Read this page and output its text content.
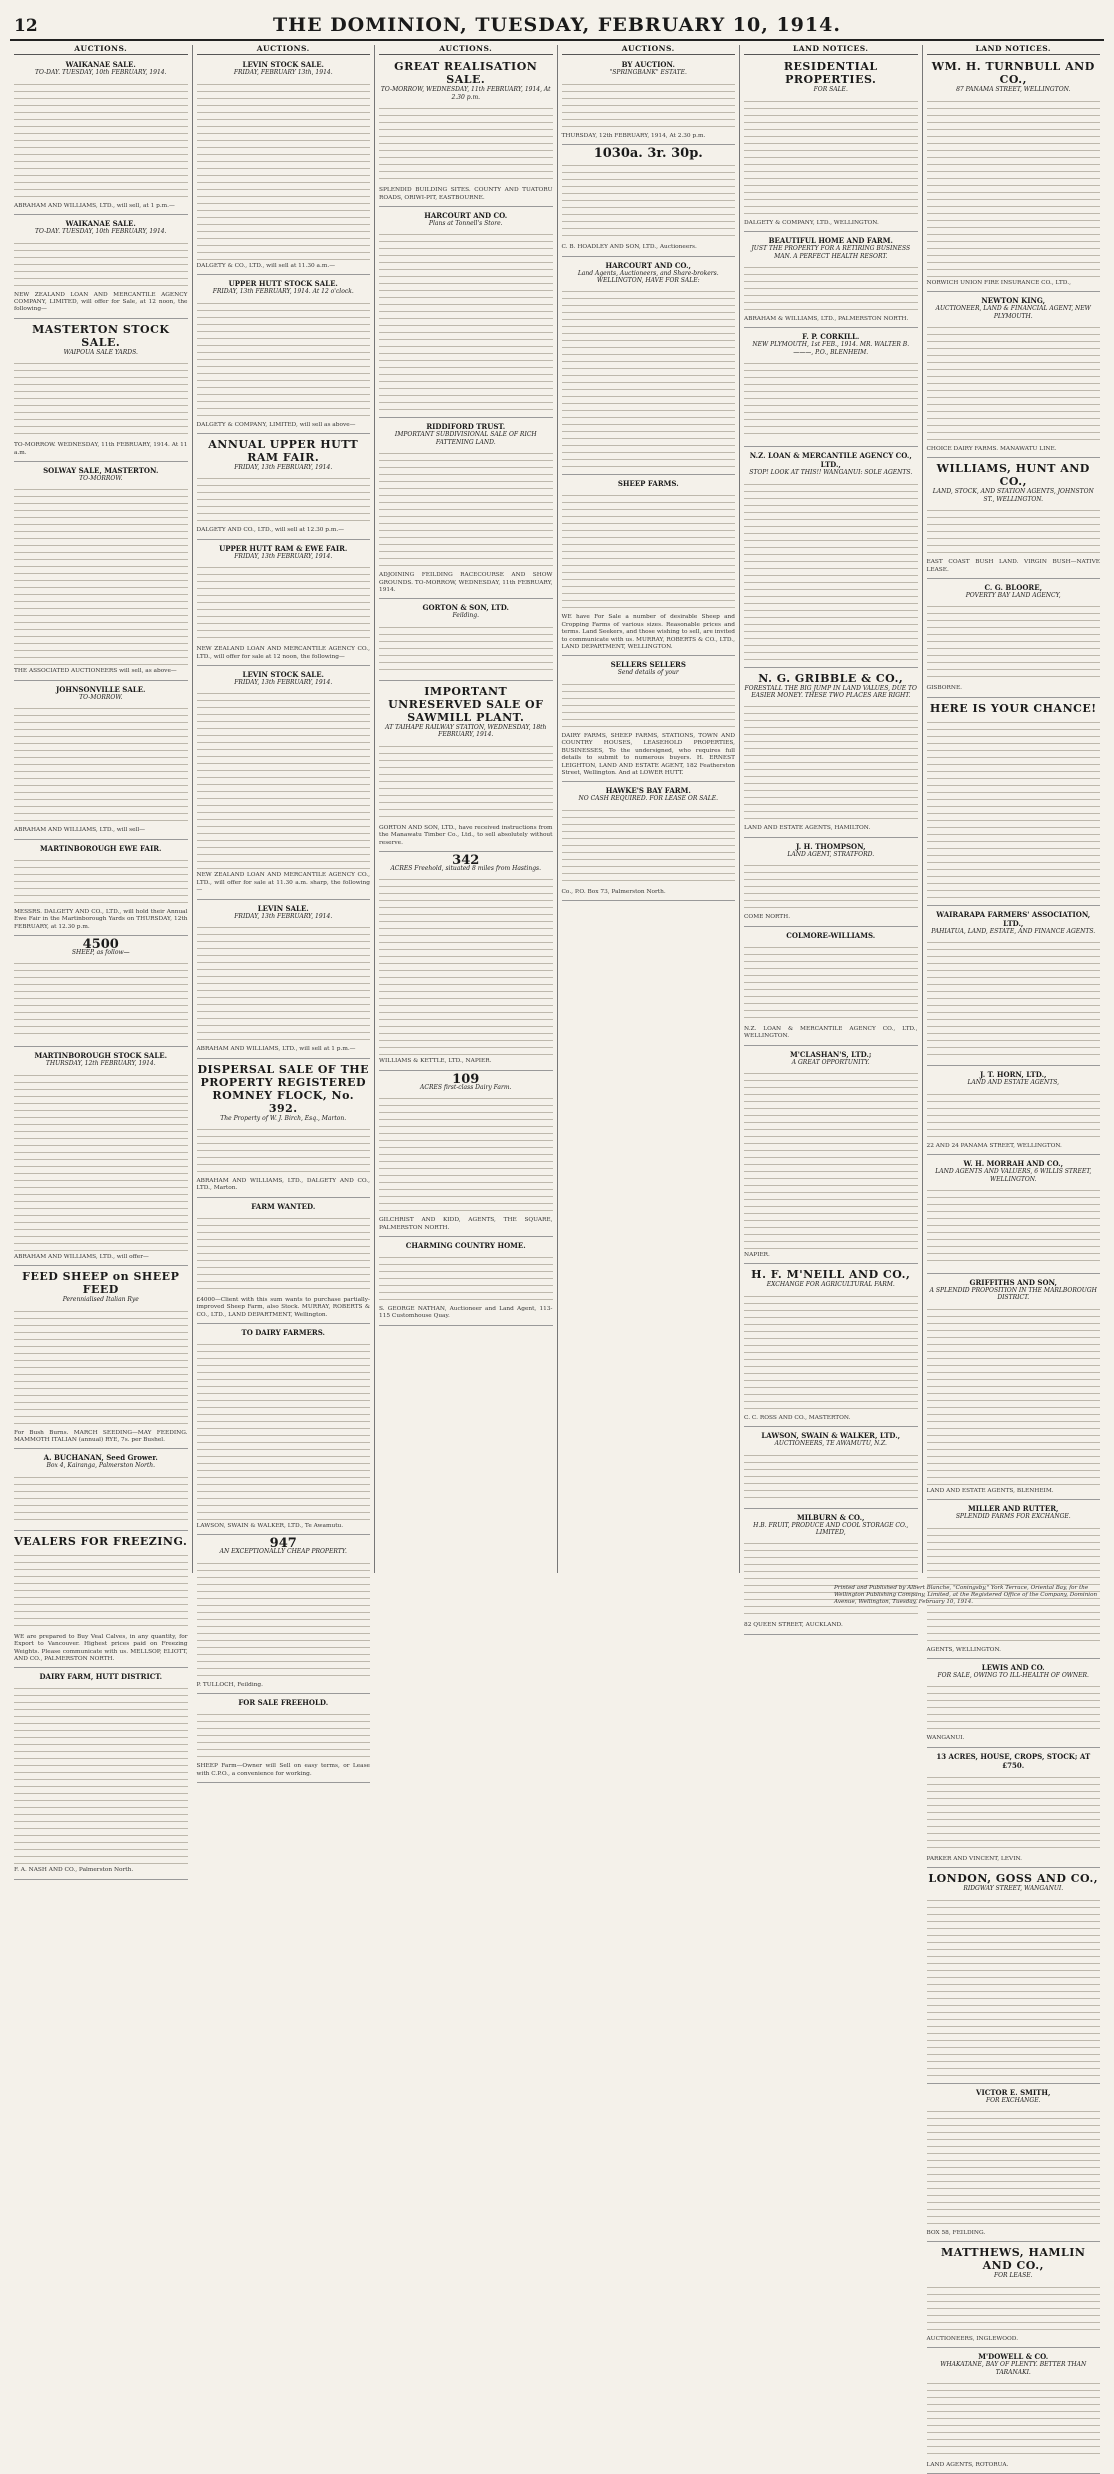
12	THE DOMINION, TUESDAY, FEBRUARY 10, 1914.
AUCTIONS.
WAIKANAE SALE.
TO-DAY. TUESDAY, 10th FEBRUARY, 1914.
ABRAHAM AND WILLIAMS, LTD., will sell, at 1 p.m.—
WAIKANAE SALE.
TO-DAY. TUESDAY, 10th FEBRUARY, 1914.
NEW ZEALAND LOAN AND MERCANTILE AGENCY COMPANY, LIMITED, will offer for Sale, at 12 noon, the following—
MASTERTON STOCK SALE.
WAIPOUA SALE YARDS.
TO-MORROW. WEDNESDAY, 11th FEBRUARY, 1914. At 11 a.m.
SOLWAY SALE, MASTERTON.
TO-MORROW.
THE ASSOCIATED AUCTIONEERS will sell, as above—
JOHNSONVILLE SALE.
TO-MORROW.
ABRAHAM AND WILLIAMS, LTD., will sell—
MARTINBOROUGH EWE FAIR.
MESSRS. DALGETY AND CO., LTD., will hold their Annual Ewe Fair in the Martinborough Yards on THURSDAY, 12th FEBRUARY, at 12.30 p.m.
4500
SHEEP, as follow—
MARTINBOROUGH STOCK SALE.
THURSDAY, 12th FEBRUARY, 1914.
ABRAHAM AND WILLIAMS, LTD., will offer—
FEED SHEEP on SHEEP FEED
Perennialised Italian Rye
For Bush Burns. MARCH SEEDING—MAY FEEDING. MAMMOTH ITALIAN (annual) RYE, 7s. per Bushel.
A. BUCHANAN, Seed Grower.
Box 4, Kairanga, Palmerston North.
VEALERS FOR FREEZING.
WE are prepared to Buy Veal Calves, in any quantity, for Export to Vancouver. Highest prices paid on Freezing Weights. Please communicate with us. MELLSOP, ELIOTT, AND CO., PALMERSTON NORTH.
DAIRY FARM, HUTT DISTRICT.
F. A. NASH AND CO., Palmerston North.
AUCTIONS.
LEVIN STOCK SALE.
FRIDAY, FEBRUARY 13th, 1914.
DALGETY & CO., LTD., will sell at 11.30 a.m.—
UPPER HUTT STOCK SALE.
FRIDAY, 13th FEBRUARY, 1914. At 12 o'clock.
DALGETY & COMPANY, LIMITED, will sell as above—
ANNUAL UPPER HUTT RAM FAIR.
FRIDAY, 13th FEBRUARY, 1914.
DALGETY AND CO., LTD., will sell at 12.30 p.m.—
UPPER HUTT RAM & EWE FAIR.
FRIDAY, 13th FEBRUARY, 1914.
NEW ZEALAND LOAN AND MERCANTILE AGENCY CO., LTD., will offer for sale at 12 noon, the following—
LEVIN STOCK SALE.
FRIDAY, 13th FEBRUARY, 1914.
NEW ZEALAND LOAN AND MERCANTILE AGENCY CO., LTD., will offer for sale at 11.30 a.m. sharp, the following—
LEVIN SALE.
FRIDAY, 13th FEBRUARY, 1914.
ABRAHAM AND WILLIAMS, LTD., will sell at 1 p.m.—
DISPERSAL SALE OF THE PROPERTY REGISTERED ROMNEY FLOCK, No. 392.
The Property of W. J. Birch, Esq., Marton.
ABRAHAM AND WILLIAMS, LTD., DALGETY AND CO., LTD., Marton.
FARM WANTED.
£4000—Client with this sum wants to purchase partially-improved Sheep Farm, also Stock. MURRAY, ROBERTS & CO., LTD., LAND DEPARTMENT, Wellington.
TO DAIRY FARMERS.
LAWSON, SWAIN & WALKER, LTD., Te Awamutu.
947
AN EXCEPTIONALLY CHEAP PROPERTY.
P. TULLOCH, Feilding.
FOR SALE FREEHOLD.
SHEEP Farm—Owner will Sell on easy terms, or Lease with C.P.O., a convenience for working.
AUCTIONS.
GREAT REALISATION SALE.
TO-MORROW, WEDNESDAY, 11th FEBRUARY, 1914, At 2.30 p.m.
SPLENDID BUILDING SITES. COUNTY AND TUATORU ROADS, ORIWI-PIT, EASTBOURNE.
HARCOURT AND CO.
Plans at Tonnell's Store.
RIDDIFORD TRUST.
IMPORTANT SUBDIVISIONAL SALE OF RICH FATTENING LAND.
ADJOINING FEILDING RACECOURSE AND SHOW GROUNDS. TO-MORROW, WEDNESDAY, 11th FEBRUARY, 1914.
GORTON & SON, LTD.
Feilding.
IMPORTANT UNRESERVED SALE OF SAWMILL PLANT.
AT TAIHAPE RAILWAY STATION, WEDNESDAY, 18th FEBRUARY, 1914.
GORTON AND SON, LTD., have received instructions from the Manawatu Timber Co., Ltd., to sell absolutely without reserve.
342
ACRES Freehold, situated 8 miles from Hastings.
WILLIAMS & KETTLE, LTD., NAPIER.
109
ACRES first-class Dairy Farm.
GILCHRIST AND KIDD, AGENTS, THE SQUARE, PALMERSTON NORTH.
CHARMING COUNTRY HOME.
S. GEORGE NATHAN, Auctioneer and Land Agent, 113-115 Customhouse Quay.
AUCTIONS.
BY AUCTION.
"SPRINGBANK" ESTATE.
THURSDAY, 12th FEBRUARY, 1914, At 2.30 p.m.
1030a. 3r. 30p.
C. B. HOADLEY AND SON, LTD., Auctioneers.
HARCOURT AND CO.,
Land Agents, Auctioneers, and Share-brokers. WELLINGTON, HAVE FOR SALE:
SHEEP FARMS.
WE have For Sale a number of desirable Sheep and Cropping Farms of various sizes. Reasonable prices and terms. Land Seekers, and those wishing to sell, are invited to communicate with us. MURRAY, ROBERTS & CO., LTD., LAND DEPARTMENT, WELLINGTON.
SELLERS SELLERS
Send details of your
DAIRY FARMS, SHEEP FARMS, STATIONS, TOWN AND COUNTRY HOUSES, LEASEHOLD PROPERTIES, BUSINESSES, To the undersigned, who requires full details to submit to numerous buyers. H. ERNEST LEIGHTON, LAND AND ESTATE AGENT, 182 Featherston Street, Wellington. And at LOWER HUTT.
HAWKE'S BAY FARM.
NO CASH REQUIRED. FOR LEASE OR SALE.
Co., P.O. Box 73, Palmerston North.
LAND NOTICES.
RESIDENTIAL PROPERTIES.
FOR SALE.
DALGETY & COMPANY, LTD., WELLINGTON.
BEAUTIFUL HOME AND FARM.
JUST THE PROPERTY FOR A RETIRING BUSINESS MAN. A PERFECT HEALTH RESORT.
ABRAHAM & WILLIAMS, LTD., PALMERSTON NORTH.
F. P. CORKILL.
NEW PLYMOUTH, 1st FEB., 1914. MR. WALTER B. ———, P.O., BLENHEIM.
N.Z. LOAN & MERCANTILE AGENCY CO., LTD.,
STOP! LOOK AT THIS!! WANGANUI: SOLE AGENTS.
N. G. GRIBBLE & CO.,
FORESTALL THE BIG JUMP IN LAND VALUES, DUE TO EASIER MONEY. THESE TWO PLACES ARE RIGHT.
LAND AND ESTATE AGENTS, HAMILTON.
J. H. THOMPSON,
LAND AGENT, STRATFORD.
COME NORTH.
COLMORE-WILLIAMS.
N.Z. LOAN & MERCANTILE AGENCY CO., LTD., WELLINGTON.
M'CLASHAN'S, LTD.;
A GREAT OPPORTUNITY.
NAPIER.
H. F. M'NEILL AND CO.,
EXCHANGE FOR AGRICULTURAL FARM.
C. C. ROSS AND CO., MASTERTON.
LAWSON, SWAIN & WALKER, LTD.,
AUCTIONEERS, TE AWAMUTU, N.Z.
MILBURN & CO.,
H.B. FRUIT, PRODUCE AND COOL STORAGE CO., LIMITED,
82 QUEEN STREET, AUCKLAND.
LAND NOTICES.
WM. H. TURNBULL AND CO.,
87 PANAMA STREET, WELLINGTON.
NORWICH UNION FIRE INSURANCE CO., LTD.,
NEWTON KING,
AUCTIONEER, LAND & FINANCIAL AGENT, NEW PLYMOUTH.
CHOICE DAIRY FARMS. MANAWATU LINE.
WILLIAMS, HUNT AND CO.,
LAND, STOCK, AND STATION AGENTS, JOHNSTON ST., WELLINGTON.
EAST COAST BUSH LAND. VIRGIN BUSH—NATIVE LEASE.
C. G. BLOORE,
POVERTY BAY LAND AGENCY,
GISBORNE.
HERE IS YOUR CHANCE!
WAIRARAPA FARMERS' ASSOCIATION, LTD.,
PAHIATUA, LAND, ESTATE, AND FINANCE AGENTS.
J. T. HORN, LTD.,
LAND AND ESTATE AGENTS,
22 AND 24 PANAMA STREET, WELLINGTON.
W. H. MORRAH AND CO.,
LAND AGENTS AND VALUERS, 6 WILLIS STREET, WELLINGTON.
GRIFFITHS AND SON,
A SPLENDID PROPOSITION IN THE MARLBOROUGH DISTRICT.
LAND AND ESTATE AGENTS, BLENHEIM.
MILLER AND RUTTER,
SPLENDID FARMS FOR EXCHANGE.
AGENTS, WELLINGTON.
LEWIS AND CO.
FOR SALE, OWING TO ILL-HEALTH OF OWNER.
WANGANUI.
13 ACRES, HOUSE, CROPS, STOCK; AT £750.
PARKER AND VINCENT, LEVIN.
LONDON, GOSS AND CO.,
RIDGWAY STREET, WANGANUI.
VICTOR E. SMITH,
FOR EXCHANGE.
BOX 58, FEILDING.
MATTHEWS, HAMLIN AND CO.,
FOR LEASE.
AUCTIONEERS, INGLEWOOD.
M'DOWELL & CO.
WHAKATANE, BAY OF PLENTY. BETTER THAN TARANAKI.
LAND AGENTS, ROTORUA.
Printed and Published by Albert Blanche, "Coningsby," York Terrace, Oriental Bay, for the Wellington Publishing Company, Limited, at the Registered Office of the Company, Dominion Avenue, Wellington, Tuesday, February 10, 1914.
